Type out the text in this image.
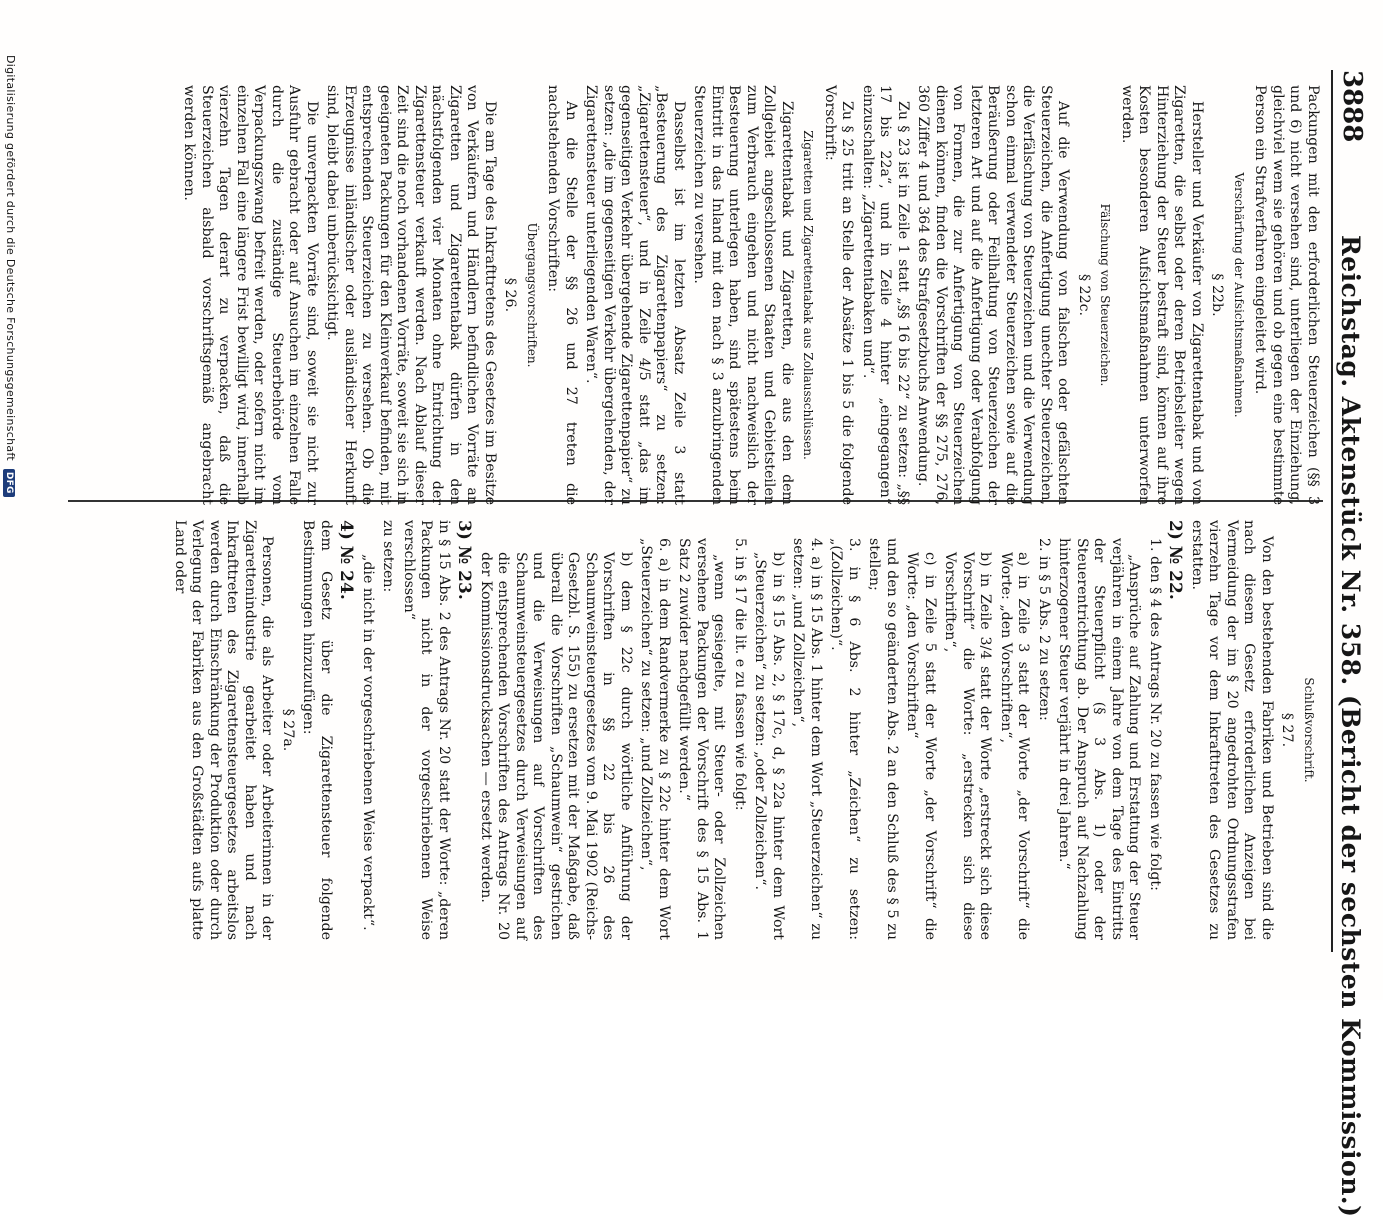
3888
Reichstag. Aktenstück Nr. 358. (Bericht der sechsten Kommission.)

Packungen mit den erforderlichen Steuerzeichen (§§ 3 und 6) nicht versehen sind, unterliegen der Einziehung, gleichviel wem sie gehören und ob gegen eine bestimmte Person ein Strafverfahren eingeleitet wird.

Verschärfung der Aufsichtsmaßnahmen.

§ 22b.

Hersteller und Verkäufer von Zigarettentabak und von Zigaretten, die selbst oder deren Betriebsleiter wegen Hinterziehung der Steuer bestraft sind, können auf ihre Kosten besonderen Aufsichtsmaßnahmen unterworfen werden.

Fälschung von Steuerzeichen.

§ 22c.

Auf die Verwendung von falschen oder gefälschten Steuerzeichen, die Anfertigung unechter Steuerzeichen, die Verfälschung von Steuerzeichen und die Verwendung schon einmal verwendeter Steuerzeichen sowie auf die Beräußerung oder Feilhaltung von Steuerzeichen der letzteren Art und auf die Anfertigung oder Verabfolgung von Formen, die zur Anfertigung von Steuerzeichen dienen können, finden die Vorschriften der §§ 275, 276, 360 Ziffer 4 und 364 des Strafgesetzbuchs Anwendung.

Zu § 23 ist in Zeile 1 statt „§§ 16 bis 22“ zu setzen: „§§ 17 bis 22a“, und in Zeile 4 hinter „eingegangen“ einzuschalten: „Zigarettentabaken und“.

Zu § 25 tritt an Stelle der Absätze 1 bis 5 die folgende Vorschrift:

Zigaretten und Zigarettentabak aus Zollausschlüssen.

Zigarettentabak und Zigaretten, die aus den dem Zollgebiet angeschlossenen Staaten und Gebietsteilen zum Verbrauch eingehen und nicht nachweislich der Besteuerung unterlegen haben, sind spätestens beim Eintritt in das Inland mit den nach § 3 anzubringenden Steuerzeichen zu versehen.

Dasselbst ist im letzten Absatz Zeile 3 statt „Besteuerung des Zigarettenpapiers“ zu setzen: „Zigarettensteuer“, und in Zeile 4/5 statt „das im gegenseitigen Verkehr übergehende Zigarettenpapier“ zu setzen: „die im gegenseitigen Verkehr übergehenden, der Zigarettensteuer unterliegenden Waren“.

An die Stelle der §§ 26 und 27 treten die nachstehenden Vorschriften:

Übergangsvorschriften.

§ 26.

Die am Tage des Inkrafttretens des Gesetzes im Besitze von Verkäufern und Händlern befindlichen Vorräte an Zigaretten und Zigarettentabak dürfen in den nächstfolgenden vier Monaten ohne Entrichtung der Zigarettensteuer verkauft werden. Nach Ablauf dieser Zeit sind die noch vorhandenen Vorräte, soweit sie sich in geeigneten Packungen für den Kleinverkauf befinden, mit entsprechenden Steuerzeichen zu versehen. Ob die Erzeugnisse inländischer oder ausländischer Herkunft sind, bleibt dabei unberücksichtigt.

Die unverpackten Vorräte sind, soweit sie nicht zur Ausfuhr gebracht oder auf Ansuchen im einzelnen Falle durch die zuständige Steuerbehörde vom Verpackungszwang befreit werden, oder sofern nicht im einzelnen Fall eine längere Frist bewilligt wird, innerhalb vierzehn Tagen derart zu verpacken, daß die Steuerzeichen alsbald vorschriftsgemäß angebracht werden können.

Schlußvorschrift.

§ 27.

Von den bestehenden Fabriken und Betrieben sind die nach diesem Gesetz erforderlichen Anzeigen bei Vermeidung der im § 20 angedrohten Ordnungsstrafen vierzehn Tage vor dem Inkrafttreten des Gesetzes zu erstatten.

2) № 22.

1. den § 4 des Antrags Nr. 20 zu fassen wie folgt:

„Ansprüche auf Zahlung und Erstattung der Steuer verjähren in einem Jahre von dem Tage des Eintritts der Steuerpflicht (§ 3 Abs. 1) oder der Steuerentrichtung ab. Der Anspruch auf Nachzahlung hinterzogener Steuer verjährt in drei Jahren.“

2. in § 5 Abs. 2 zu setzen:

a) in Zeile 3 statt der Worte „der Vorschrift“ die Worte: „den Vorschriften“,

b) in Zeile 3/4 statt der Worte „erstreckt sich diese Vorschrift“ die Worte: „erstrecken sich diese Vorschriften“,

c) in Zeile 5 statt der Worte „der Vorschrift“ die Worte: „den Vorschriften“

und den so geänderten Abs. 2 an den Schluß des § 5 zu stellen;

3. in § 6 Abs. 2 hinter „Zeichen“ zu setzen: „(Zollzeichen)“.

4. a) in § 15 Abs. 1 hinter dem Wort „Steuerzeichen“ zu setzen: „und Zollzeichen“,

b) in § 15 Abs. 2, § 17c, d, § 22a hinter dem Wort „Steuerzeichen“ zu setzen: „oder Zollzeichen“.

5. in § 17 die lit. e zu fassen wie folgt:

„wenn gesiegelte, mit Steuer- oder Zollzeichen versehene Packungen der Vorschrift des § 15 Abs. 1 Satz 2 zuwider nachgefüllt werden.“

6. a) in dem Randvermerke zu § 22c hinter dem Wort „Steuerzeichen“ zu setzen: „und Zollzeichen“,

b) dem § 22c durch wörtliche Anführung der Vorschriften in §§ 22 bis 26 des Schaumweinsteuergesetzes vom 9. Mai 1902 (Reichs-Gesetzbl. S. 155) zu ersetzen mit der Maßgabe, daß überall die Vorschriften „Schaumwein“ gestrichen und die Verweisungen auf Vorschriften des Schaumweinsteuergesetzes durch Verweisungen auf die entsprechenden Vorschriften des Antrags Nr. 20 der Kommissionsdrucksachen — ersetzt werden.

3) № 23.

in § 15 Abs. 2 des Antrags Nr. 20 statt der Worte: „deren Packungen nicht in der vorgeschriebenen Weise verschlossen“

zu setzen:

„die nicht in der vorgeschriebenen Weise verpackt“.

4) № 24.

dem Gesetz über die Zigarettensteuer folgende Bestimmungen hinzuzufügen:

§ 27a.

Personen, die als Arbeiter oder Arbeiterinnen in der Zigarettenindustrie gearbeitet haben und nach Inkrafttreten des Zigarettensteuergesetzes arbeitslos werden durch Einschränkung der Produktion oder durch Verlegung der Fabriken aus den Großstädten aufs platte Land oder

Digitalisierung gefördert durch die Deutsche Forschungsgemeinschaft DFG
